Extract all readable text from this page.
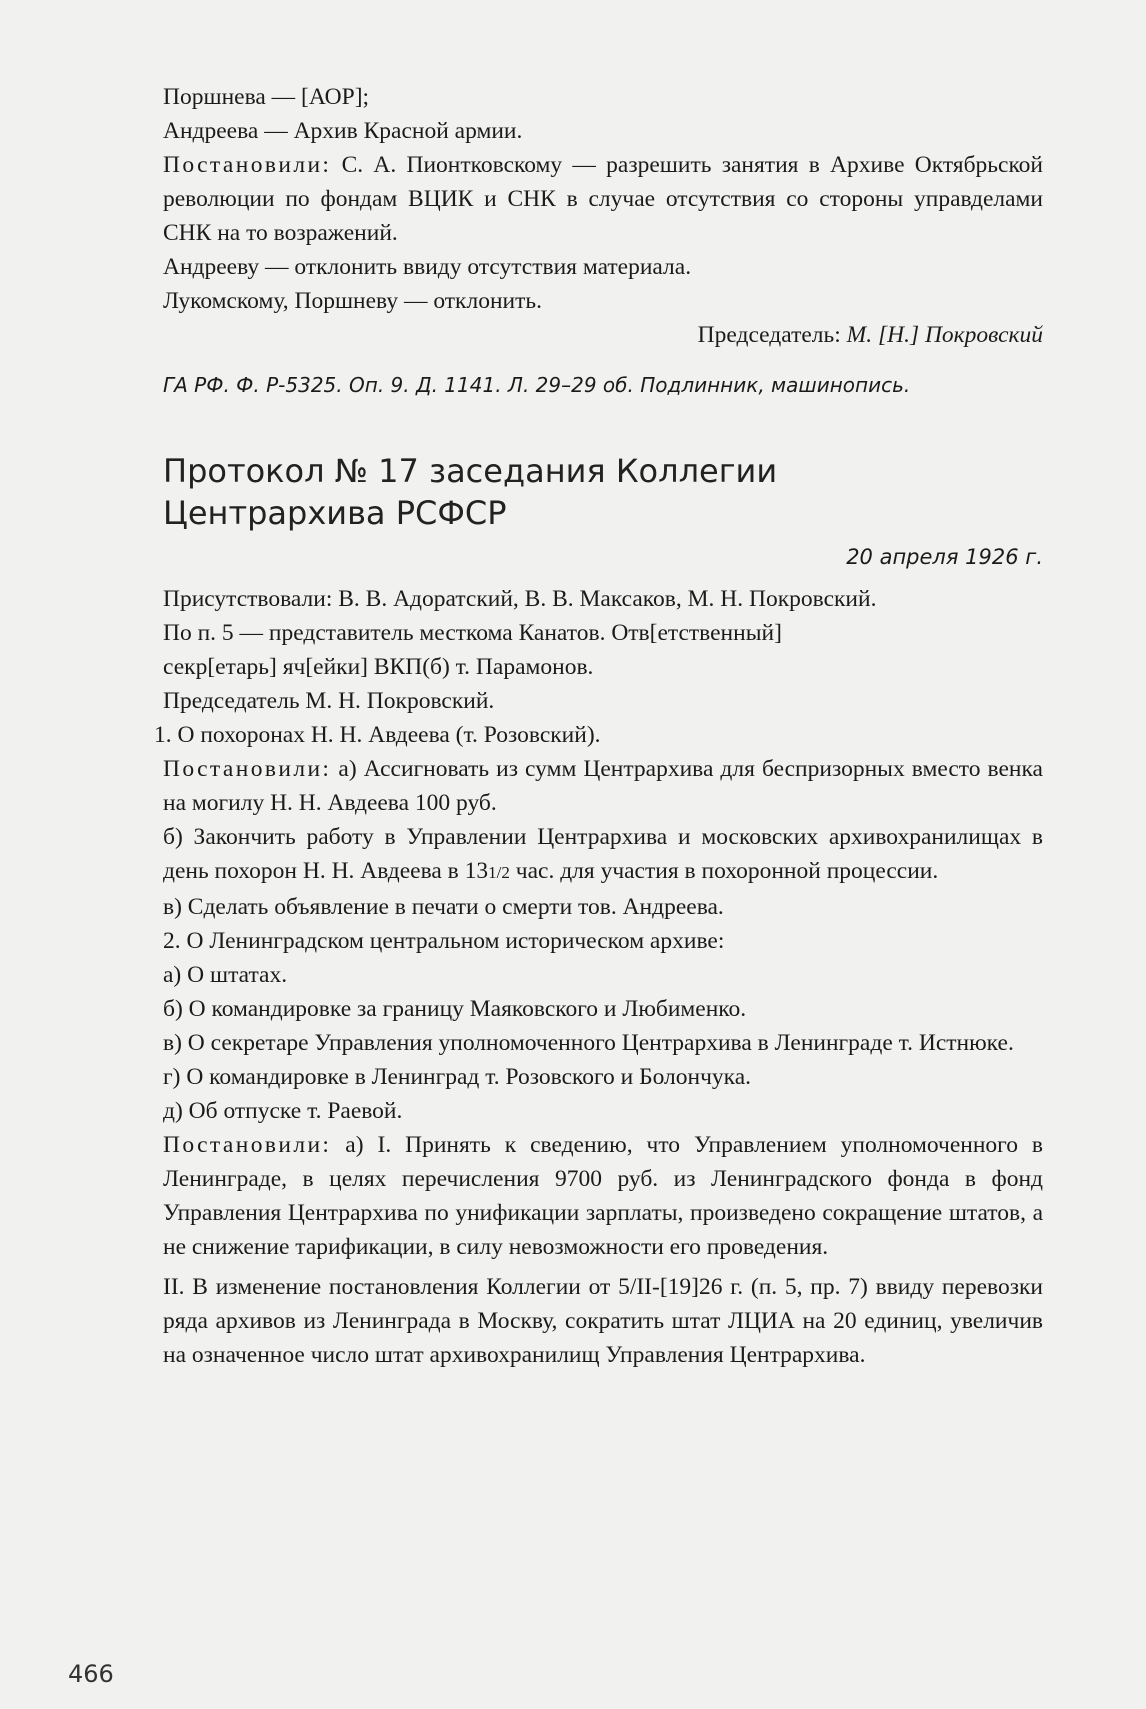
Поршнева — [АОР];

Андреева — Архив Красной армии.

Постановили: С. А. Пионтковскому — разрешить занятия в Архиве Октябрьской революции по фондам ВЦИК и СНК в случае отсутствия со стороны управделами СНК на то возражений.

Андрееву — отклонить ввиду отсутствия материала.

Лукомскому, Поршневу — отклонить.

Председатель: М. [Н.] Покровский

ГА РФ. Ф. Р-5325. Оп. 9. Д. 1141. Л. 29–29 об. Подлинник, машинопись.

Протокол № 17 заседания Коллегии
Центрархива РСФСР

20 апреля 1926 г.

Присутствовали: В. В. Адоратский, В. В. Максаков, М. Н. Покровский.

По п. 5 — представитель месткома Канатов. Отв[етственный]

секр[етарь] яч[ейки] ВКП(б) т. Парамонов.

Председатель М. Н. Покровский.

1. О похоронах Н. Н. Авдеева (т. Розовский).

Постановили: а) Ассигновать из сумм Центрархива для беспризорных вместо венка на могилу Н. Н. Авдеева 100 руб.

б) Закончить работу в Управлении Центрархива и московских архивохранилищах в день похорон Н. Н. Авдеева в 131/2 час. для участия в похоронной процессии.

в) Сделать объявление в печати о смерти тов. Андреева.

2. О Ленинградском центральном историческом архиве:

а) О штатах.

б) О командировке за границу Маяковского и Любименко.

в) О секретаре Управления уполномоченного Центрархива в Ленинграде т. Истнюке.

г) О командировке в Ленинград т. Розовского и Болончука.

д) Об отпуске т. Раевой.

Постановили: а) I. Принять к сведению, что Управлением уполномоченного в Ленинграде, в целях перечисления 9700 руб. из Ленинградского фонда в фонд Управления Центрархива по унификации зарплаты, произведено сокращение штатов, а не снижение тарификации, в силу невозможности его проведения.

II. В изменение постановления Коллегии от 5/II-[19]26 г. (п. 5, пр. 7) ввиду перевозки ряда архивов из Ленинграда в Москву, сократить штат ЛЦИА на 20 единиц, увеличив на означенное число штат архивохранилищ Управления Центрархива.

466
